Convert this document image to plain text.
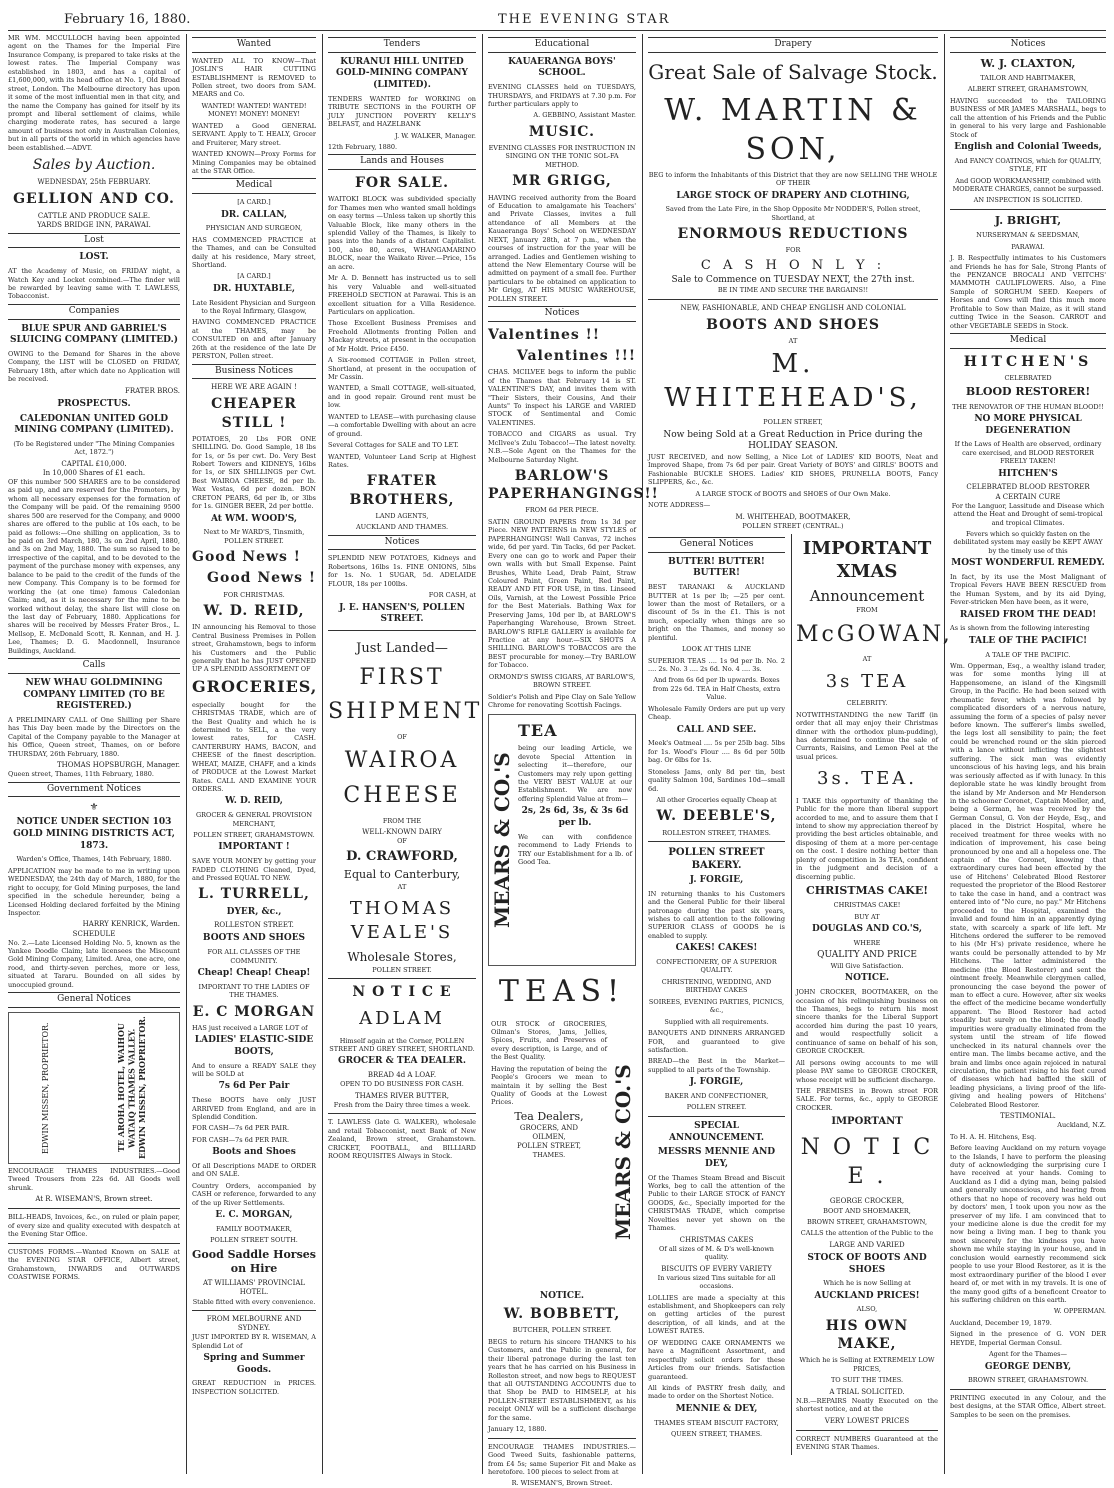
February 16, 1880.	THE EVENING STAR

MR WM. MCCULLOCH having been appointed agent on the Thames for the Imperial Fire Insurance Company, is prepared to take risks at the lowest rates. The Imperial Company was established in 1803, and has a capital of £1,600,000, with its head office at No. 1, Old Broad street, London. The Melbourne directory has upon it some of the most influential men in that city, and the name the Company has gained for itself by its prompt and liberal settlement of claims, while charging moderate rates, has secured a large amount of business not only in Australian Colonies, but in all parts of the world in which agencies have been established.—ADVT.

Sales by Auction.
WEDNESDAY, 25th FEBRUARY.
GELLION AND CO.
CATTLE AND PRODUCE SALE.
YARDS BRIDGE INN, PARAWAI.
Lost
LOST.

AT the Academy of Music, on FRIDAY night, a Watch Key and Locket combined.—The finder will be rewarded by leaving same with T. LAWLESS, Tobacconist.

Companies
BLUE SPUR AND GABRIEL'S SLUICING COMPANY (LIMITED.)

OWING to the Demand for Shares in the above Company, the LIST will be CLOSED on FRIDAY, February 18th, after which date no Application will be received.

FRATER BROS.
PROSPECTUS.
CALEDONIAN UNITED GOLD MINING COMPANY (LIMITED).
(To be Registered under "The Mining Companies Act, 1872.")
CAPITAL £10,000.
In 10,000 Shares of £1 each.

OF this number 500 SHARES are to be considered as paid up, and are reserved for the Promoters, by whom all necessary expenses for the formation of the Company will be paid. Of the remaining 9500 shares 500 are reserved for the Company, and 9000 shares are offered to the public at 10s each, to be paid as follows:—One shilling on application, 3s to be paid on 3rd March, 180, 3s on 2nd April, 1880, and 3s on 2nd May, 1880. The sum so raised to be irrespective of the capital, and to be devoted to the payment of the purchase money with expenses, any balance to be paid to the credit of the funds of the new Company. This Company is to be formed for working the (at one time) famous Caledonian Claim; and, as it is necessary for the mine to be worked without delay, the share list will close on the last day of February, 1880. Applications for shares will be received by Messrs Frater Bros., L. Mellsop, E. McDonald Scott, R. Kennan, and H. J. Lee, Thames; D. G. Macdonnell, Insurance Buildings, Auckland.

Calls
NEW WHAU GOLDMINING COMPANY LIMITED (TO BE REGISTERED.)

A PRELIMINARY CALL of One Shilling per Share has This Day been made by the Directors on the Capital of the Company payable to the Manager at his Office, Queen street, Thames, on or before THURSDAY, 26th February, 1880.

THOMAS HOPSBURGH, Manager.
Queen street, Thames, 11th February, 1880.
Government Notices
⚜
NOTICE UNDER SECTION 103 GOLD MINING DISTRICTS ACT, 1873.
Warden's Office, Thames, 14th February, 1880.

APPLICATION may be made to me in writing upon WEDNESDAY, the 24th day of March, 1880, for the right to occupy, for Gold Mining purposes, the land specified in the schedule hereunder, being a Licensed Holding declared forfeited by the Mining Inspector.

HARRY KENRICK, Warden.
SCHEDULE

No. 2.—Late Licensed Holding No. 5, known as the Yankee Doodle Claim; late licensees the Miscount Gold Mining Company, Limited. Area, one acre, one rood, and thirty-seven perches, more or less, situated at Tararu. Bounded on all sides by unoccupied ground.

General Notices
EDWIN MISSEN, PROPRIETOR.	TE AROHA HOTEL, WAIHOU WATAIQ THAMES VALLEY. EDWIN MISSEN, PROPRIETOR.

ENCOURAGE THAMES INDUSTRIES.—Good Tweed Trousers from 22s 6d. All Goods well shrunk.

At R. WISEMAN'S, Brown street.

BILL-HEADS, Invoices, &c., on ruled or plain paper, of every size and quality executed with despatch at the Evening Star Office.

CUSTOMS FORMS.—Wanted Known on SALE at the EVENING STAR OFFICE, Albert street, Grahamstown, INWARDS and OUTWARDS COASTWISE FORMS.

Wanted

WANTED ALL TO KNOW—That JOSLIN'S HAIR CUTTING ESTABLISHMENT is REMOVED to Pollen street, two doors from SAM. MEARS and Co.

WANTED! WANTED! WANTED! MONEY! MONEY! MONEY!

WANTED a Good GENERAL SERVANT. Apply to T. HEALY, Grocer and Fruiterer, Mary street.

WANTED KNOWN—Proxy Forms for Mining Companies may be obtained at the STAR Office.

Medical
[A CARD.]
DR. CALLAN,
PHYSICIAN AND SURGEON,

HAS COMMENCED PRACTICE at the Thames, and can be Consulted daily at his residence, Mary street, Shortland.

[A CARD.]
DR. HUXTABLE,
Late Resident Physician and Surgeon to the Royal Infirmary, Glasgow,

HAVING COMMENCED PRACTICE at the THAMES, may be CONSULTED on and after January 26th at the residence of the late Dr PERSTON, Pollen street.

Business Notices
HERE WE ARE AGAIN !
CHEAPER STILL !

POTATOES, 20 Lbs FOR ONE SHILLING. Do. Good Sample, 18 lbs for 1s, or 5s per cwt. Do. Very Best Robert Towers and KIDNEYS, 16lbs for 1s, or SIX SHILLINGS per Cwt. Best WAIROA CHEESE, 8d per lb. Wax Vestas, 6d per dozen. BON CRETON PEARS, 6d per lb, or 3lbs for 1s. GINGER BEER, 2d per bottle.

At WM. WOOD'S,
Next to Mr WARD'S, Tinsmith, POLLEN STREET.
Good News !
Good News !
FOR CHRISTMAS.
W. D. REID,

IN announcing his Removal to those Central Business Premises in Pollen street, Grahamstown, begs to inform his Customers and the Public generally that he has JUST OPENED UP A SPLENDID ASSORTMENT OF

GROCERIES,

especially bought for the CHRISTMAS TRADE, which are of the Best Quality and which he is determined to SELL, a the very lowest rates, for CASH. CANTERBURY HAMS, BACON, and CHEESE of the finest description. WHEAT, MAIZE, CHAFF, and a kinds of PRODUCE at the Lowest Market Rates. CALL AND EXAMINE YOUR ORDERS.

W. D. REID,
GROCER & GENERAL PROVISION MERCHANT,
POLLEN STREET, GRAHAMSTOWN.
IMPORTANT !

SAVE YOUR MONEY by getting your FADED CLOTHING Cleaned, Dyed, and Pressed EQUAL TO NEW.

L. TURRELL,
DYER, &c.,
ROLLESTON STREET.
BOOTS AND SHOES
FOR ALL CLASSES OF THE COMMUNITY.
Cheap! Cheap! Cheap!
IMPORTANT TO THE LADIES OF THE THAMES.
E. C MORGAN
HAS just received a LARGE LOT of
LADIES' ELASTIC-SIDE BOOTS,
And to ensure a READY SALE they will be SOLD at
7s 6d Per Pair

These BOOTS have only JUST ARRIVED from England, and are in Splendid Condition.

FOR CASH—7s 6d PER PAIR.
FOR CASH—7s 6d PER PAIR.
Boots and Shoes
Of all Descriptions MADE to ORDER and ON SALE.

Country Orders, accompanied by CASH or reference, forwarded to any of the up River Settlements.

E. C. MORGAN,
FAMILY BOOTMAKER,
POLLEN STREET SOUTH.
Good Saddle Horses on Hire
AT WILLIAMS' PROVINCIAL HOTEL.
Stable fitted with every convenience.
FROM MELBOURNE AND SYDNEY.
JUST IMPORTED BY R. WISEMAN, A Splendid Lot of
Spring and Summer Goods.
GREAT REDUCTION in PRICES. INSPECTION SOLICITED.
Tenders
KURANUI HILL UNITED GOLD-MINING COMPANY (LIMITED).

TENDERS WANTED for WORKING on TRIBUTE SECTIONS in the FOURTH OF JULY JUNCTION POVERTY KELLY'S BELFAST, and HAZELBANK

J. W. WALKER, Manager.
12th February, 1880.
Lands and Houses
FOR SALE.

WAITOKI BLOCK was subdivided specially for Thames men who wanted small holdings on easy terms —Unless taken up shortly this Valuable Block, like many others in the splendid Valley of the Thames, is likely to pass into the hands of a distant Capitalist. 100, also 80, acres, WHANGAMARINO BLOCK, near the Waikato River.—Price, 15s an acre.

Mr A. D. Bennett has instructed us to sell his very Valuable and well-situated FREEHOLD SECTION at Parawai. This is an excellent situation for a Villa Residence. Particulars on application.

Those Excellent Business Premises and Freehold Allotments fronting Pollen and Mackay streets, at present in the occupation of Mr Holdt. Price £450.

A Six-roomed COTTAGE in Pollen street, Shortland, at present in the occupation of Mr Cassin.

WANTED, a Small COTTAGE, well-situated, and in good repair. Ground rent must be low.

WANTED to LEASE—with purchasing clause—a comfortable Dwelling with about an acre of ground.

Several Cottages for SALE and TO LET.

WANTED, Volunteer Land Scrip at Highest Rates.

FRATER BROTHERS,
LAND AGENTS,
AUCKLAND AND THAMES.
Notices

SPLENDID NEW POTATOES, Kidneys and Robertsons, 16lbs 1s. FINE ONIONS, 5lbs for 1s. No. 1 SUGAR, 5d. ADELAIDE FLOUR, 18s per 100lbs.

FOR CASH, at
J. E. HANSEN'S, POLLEN STREET.
Just Landed—
FIRST
SHIPMENT
OF
WAIROA
CHEESE
FROM THE
WELL-KNOWN DAIRY
OF
D. CRAWFORD,
Equal to Canterbury,
AT
THOMAS VEALE'S
Wholesale Stores,
POLLEN STREET.
N O T I C E
ADLAM
Himself again at the Corner, POLLEN STREET AND GREY STREET, SHORTLAND.
GROCER & TEA DEALER.
BREAD 4d A LOAF.
OPEN TO DO BUSINESS FOR CASH.
THAMES RIVER BUTTER,
Fresh from the Dairy three times a week.

T. LAWLESS (late G. WALKER), wholesale and retail Tobacconist, next Bank of New Zealand, Brown street, Grahamstown. CRICKET, FOOTBALL, and BILLIARD ROOM REQUISITES Always in Stock.

Educational
KAUAERANGA BOYS' SCHOOL.

EVENING CLASSES held on TUESDAYS, THURSDAYS, and FRIDAYS at 7.30 p.m. For further particulars apply to

A. GEBBINO, Assistant Master.
MUSIC.
EVENING CLASSES FOR INSTRUCTION IN SINGING ON THE TONIC SOL-FA METHOD.
MR GRIGG,

HAVING received authority from the Board of Education to amalgamate his Teachers' and Private Classes, invites a full attendance of all Members at the Kauaeranga Boys' School on WEDNESDAY NEXT, January 28th, at 7 p.m., when the courses of instruction for the year will be arranged. Ladies and Gentlemen wishing to attend the New Elementary Course will be admitted on payment of a small fee. Further particulars to be obtained on application to Mr Grigg, AT HIS MUSIC WAREHOUSE, POLLEN STREET.

Notices
Valentines !!
Valentines !!!

CHAS. MCILVEE begs to inform the public of the Thames that February 14 is ST. VALENTINE'S DAY, and invites them with "Their Sisters, their Cousins, And their Aunts" To inspect his LARGE and VARIED STOCK of Sentimental and Comic VALENTINES.

TOBACCO and CIGARS as usual. Try McIlvee's Zulu Tobacco!—The latest novelty. N.B.—Sole Agent on the Thames for the Melbourne Saturday Night.

BARLOW'S PAPERHANGINGS!!
FROM 6d PER PIECE.

SATIN GROUND PAPERS from 1s 3d per Piece. NEW PATTERNS in NEW STYLES of PAPERHANGINGS! Wall Canvas, 72 inches wide, 6d per yard. Tin Tacks, 6d per Packet. Every one can go to work and Paper their own walls with but Small Expense. Paint Brushes, White Lead, Drab Paint, Straw Coloured Paint, Green Paint, Red Paint, READY AND FIT FOR USE, in tins. Linseed Oils, Varnish, at the Lowest Possible Price for the Best Materials. Bathing Wax for Preserving Jams, 10d per lb, at BARLOW'S Paperhanging Warehouse, Brown Street. BARLOW'S RIFLE GALLERY is available for Practice at any hour.—SIX SHOTS A SHILLING. BARLOW'S TOBACCOS are the BEST procurable for money.—Try BARLOW for Tobacco.

ORMOND'S SWISS CIGARS, AT BARLOW'S, BROWN STREET.

Soldier's Polish and Pipe Clay on Sale Yellow Chrome for renovating Scottish Facings.

MEARS & CO.'S
TEA

being our leading Article, we devote Special Attention in selecting it—therefore, our Customers may rely upon getting the VERY BEST VALUE at our Establishment. We are now offering Splendid Value at from—

2s, 2s 6d, 3s, & 3s 6d per lb.

We can with confidence recommend to Lady Friends to TRY our Establishment for a lb. of Good Tea.

TEAS!

OUR STOCK of GROCERIES, Oilman's Stores, Jams, Jellies, Spices, Fruits, and Preserves of every description, is Large, and of the Best Quality.

Having the reputation of being the People's Grocers we mean to maintain it by selling the Best Quality of Goods at the Lowest Prices.

Tea Dealers,
GROCERS, AND
OILMEN,
POLLEN STREET,
THAMES.	MEARS & CO.'S
NOTICE.
W. BOBBETT,
BUTCHER, POLLEN STREET.

BEGS to return his sincere THANKS to his Customers, and the Public in general, for their liberal patronage during the last ten years that he has carried on his Business in Rolleston street, and now begs to REQUEST that all OUTSTANDING ACCOUNTS due to that Shop be PAID to HIMSELF, at his POLLEN-STREET ESTABLISHMENT, as his receipt ONLY will be a sufficient discharge for the same.

January 12, 1880.

ENCOURAGE THAMES INDUSTRIES.—Good Tweed Suits, fashionable patterns, from £4 5s; same Superior Fit and Make as heretofore. 100 pieces to select from at

R. WISEMAN'S, Brown Street.
Drapery
Great Sale of Salvage Stock.
W. MARTIN & SON,

BEG to inform the Inhabitants of this District that they are now SELLING THE WHOLE OF THEIR

LARGE STOCK OF DRAPERY AND CLOTHING,
Saved from the Late Fire, in the Shop Opposite Mr NODDER'S, Pollen street, Shortland, at
ENORMOUS REDUCTIONS
FOR
C A S H O N L Y :
Sale to Commence on TUESDAY NEXT, the 27th inst.
BE IN TIME AND SECURE THE BARGAINS!!
NEW, FASHIONABLE, AND CHEAP ENGLISH AND COLONIAL
BOOTS AND SHOES
AT
M. WHITEHEAD'S,
POLLEN STREET,
Now being Sold at a Great Reduction in Price during the HOLIDAY SEASON.

JUST RECEIVED, and now Selling, a Nice Lot of LADIES' KID BOOTS, Neat and Improved Shape, from 7s 6d per pair. Great Variety of BOYS' and GIRLS' BOOTS and Fashionable BUCKLE SHOES. Ladies' KID SHOES, PRUNELLA BOOTS, Fancy SLIPPERS, &c., &c.

A LARGE STOCK of BOOTS and SHOES of Our Own Make.
NOTE ADDRESS—
M. WHITEHEAD, BOOTMAKER,
POLLEN STREET (CENTRAL.)
General Notices
BUTTER! BUTTER! BUTTER!

BEST TARANAKI & AUCKLAND BUTTER at 1s per lb; —25 per cent. lower than the most of Retailers, or a discount of 5s in the £1. This is not much, especially when things are so bright on the Thames, and money so plentiful.

LOOK AT THIS LINE
SUPERIOR TEAS .... 1s 9d per lb. No. 2 .... 2s. No. 3 .... 2s 6d. No. 4 .... 3s.
And from 6s 6d per lb upwards. Boxes from 22s 6d. TEA in Half Chests, extra Value.
Wholesale Family Orders are put up very Cheap.
CALL AND SEE.
Meek's Oatmeal .... 5s per 25lb bag. 5lbs for 1s. Wood's Flour .... 8s 6d per 50lb bag. Or 6lbs for 1s.
Stoneless Jams, only 8d per tin, best quality Salmon 10d, Sardines 10d—small 6d.
All other Groceries equally Cheap at
W. DEEBLE'S,
ROLLESTON STREET, THAMES.
POLLEN STREET BAKERY.
J. FORGIE,

IN returning thanks to his Customers and the General Public for their liberal patronage during the past six years, wishes to call attention to the following SUPERIOR CLASS of GOODS he is enabled to supply.

CAKES! CAKES!
CONFECTIONERY, OF A SUPERIOR QUALITY.
CHRISTENING, WEDDING, AND BIRTHDAY CAKES
SOIREES, EVENING PARTIES, PICNICS, &c.,
Supplied with all requirements.
BANQUETS AND DINNERS ARRANGED FOR, and guaranteed to give satisfaction.
BREAD—the Best in the Market—supplied to all parts of the Township.
J. FORGIE,
BAKER AND CONFECTIONER,
POLLEN STREET.
SPECIAL ANNOUNCEMENT.
MESSRS MENNIE AND DEY,

Of the Thames Steam Bread and Biscuit Works, beg to call the attention of the Public to their LARGE STOCK of FANCY GOODS, &c., Specially imported for the CHRISTMAS TRADE, which comprise Novelties never yet shown on the Thames.

CHRISTMAS CAKES
Of all sizes of M. & D's well-known quality.
BISCUITS OF EVERY VARIETY
In various sized Tins suitable for all occasions.

LOLLIES are made a specialty at this establishment, and Shopkeepers can rely on getting articles of the purest description, of all kinds, and at the LOWEST RATES.

OF WEDDING CAKE ORNAMENTS we have a Magnificent Assortment, and respectfully solicit orders for these Articles from our friends. Satisfaction guaranteed.

All kinds of PASTRY fresh daily, and made to order on the Shortest Notice.

MENNIE & DEY,
THAMES STEAM BISCUIT FACTORY,
QUEEN STREET, THAMES.
IMPORTANT XMAS
Announcement
FROM
McGOWAN,
AT
3s TEA
CELEBRITY.

NOTWITHSTANDING the new Tariff (in order that all may enjoy their Christmas dinner with the orthodox plum-pudding), has determined to continue the sale of Currants, Raisins, and Lemon Peel at the usual prices.

3s. TEA.

I TAKE this opportunity of thanking the Public for the more than liberal support accorded to me, and to assure them that I intend to show my appreciation thereof by providing the best articles obtainable, and disposing of them at a more per-centage on the cost. I desire nothing better than plenty of competition in 3s TEA, confident in the judgment and decision of a discerning public.

CHRISTMAS CAKE!
CHRISTMAS CAKE!
BUY AT
DOUGLAS AND CO.'S,
WHERE
QUALITY AND PRICE
Will Give Satisfaction.
NOTICE.

JOHN CROCKER, BOOTMAKER, on the occasion of his relinquishing business on the Thames, begs to return his most sincere thanks for the Liberal Support accorded him during the past 10 years, and would respectfully solicit a continuance of same on behalf of his son, GEORGE CROCKER.

All persons owing accounts to me will please PAY same to GEORGE CROCKER, whose receipt will be sufficient discharge.

THE PREMISES in Brown street FOR SALE. For terms, &c., apply to GEORGE CROCKER.

IMPORTANT
N O T I C E .
GEORGE CROCKER,
BOOT AND SHOEMAKER,
BROWN STREET, GRAHAMSTOWN,
CALLS the attention of the Public to the
LARGE AND VARIED
STOCK OF BOOTS AND SHOES
Which he is now Selling at
AUCKLAND PRICES!
ALSO,
HIS OWN MAKE,
Which he is Selling at EXTREMELY LOW PRICES,
TO SUIT THE TIMES.
A TRIAL SOLICITED.
N.B.—REPAIRS Neatly Executed on the shortest notice, and at the
VERY LOWEST PRICES

CORRECT NUMBERS Guaranteed at the EVENING STAR Thames.

Notices
W. J. CLAXTON,
TAILOR AND HABITMAKER,
ALBERT STREET, GRAHAMSTOWN,

HAVING succeeded to the TAILORING BUSINESS of MR JAMES MARSHALL, begs to call the attention of his Friends and the Public in general to his very large and Fashionable Stock of

English and Colonial Tweeds,
And FANCY COATINGS, which for QUALITY, STYLE, FIT
And GOOD WORKMANSHIP, combined with MODERATE CHARGES, cannot be surpassed.
AN INSPECTION IS SOLICITED.
J. BRIGHT,
NURSERYMAN & SEEDSMAN,
PARAWAI.

J. B. Respectfully intimates to his Customers and Friends he has for Sale, Strong Plants of the PENZANCE BROCALI AND VEITCHS' MAMMOTH CAULIFLOWERS. Also, a Fine Sample of SORGHUM SEED. Keepers of Horses and Cows will find this much more Profitable to Sow than Maize, as it will stand cutting Twice in the Season. CARROT and other VEGETABLE SEEDS in Stock.

Medical
HITCHEN'S
CELEBRATED
BLOOD RESTORER!
THE RENOVATOR OF THE HUMAN BLOOD!!
NO MORE PHYSICAL DEGENERATION
If the Laws of Health are observed, ordinary care exercised, and BLOOD RESTORER FREELY TAKEN!
HITCHEN'S
CELEBRATED BLOOD RESTORER
A CERTAIN CURE
For the Languor, Lassitude and Disease which attend the Heat and Drought of semi-tropical and tropical Climates.
Fevers which so quickly fasten on the debilitated system may easily be KEPT AWAY by the timely use of this
MOST WONDERFUL REMEDY.

In fact, by its use the Most Malignant of Tropical Fevers HAVE BEEN RESCUED from the Human System, and by its aid Dying, Fever-stricken Men have been, as it were,

RAISED FROM THE DEAD!
As is shown from the following interesting
TALE OF THE PACIFIC!
A TALE OF THE PACIFIC.

Wm. Opperman, Esq., a wealthy island trader, was for some months lying ill at Happensomene, an island of the Kingsmill Group, in the Pacific. He had been seized with rheumatic fever, which was followed by complicated disorders of a nervous nature, assuming the form of a species of palsy never before known. The sufferer's limbs swelled, the legs lost all sensibility to pain; the feet could be wrenched round or the skin pierced with a lance without inflicting the slightest suffering. The sick man was evidently unconscious of his having legs, and his brain was seriously affected as if with lunacy. In this deplorable state he was kindly brought from the island by Mr Anderson and Mr Henderson in the schooner Coronet, Captain Moeller, and, being a German, he was received by the German Consul, G. Von der Heyde, Esq., and placed in the District Hospital, where he received treatment for three weeks with no indication of improvement, his case being pronounced by one and all a hopeless one. The captain of the Coronet, knowing that extraordinary cures had been effected by the use of Hitchens' Celebrated Blood Restorer requested the proprietor of the Blood Restorer to take the case in hand, and a contract was entered into of "No cure, no pay." Mr Hitchens proceeded to the Hospital, examined the invalid and found him in an apparently dying state, with scarcely a spark of life left. Mr Hitchens ordered the sufferer to be removed to his (Mr H's) private residence, where he wants could be personally attended to by Mr Hitchens. The latter administered the medicine (the Blood Restorer) and sent the ointment freely. Meanwhile clergymen called, pronouncing the case beyond the power of man to effect a cure. However, after six weeks the effect of the medicine became wonderfully apparent. The Blood Restorer had acted steadily but surely on the blood; the deadly impurities were gradually eliminated from the system until the stream of life flowed unchecked in its natural channels over the entire man. The limbs became active, and the brain and limbs once again rejoiced in natural circulation, the patient rising to his feet cured of diseases which had baffled the skill of leading physicians, a living proof of the life-giving and healing powers of Hitchens' Celebrated Blood Restorer.

TESTIMONIAL.
Auckland, N.Z.
To H. A. H. Hitchens, Esq.

Before leaving Auckland on my return voyage to the Islands, I have to perform the pleasing duty of acknowledging the surprising cure I have received at your hands. Coming to Auckland as I did a dying man, being palsied and generally unconscious, and hearing from others that no hope of recovery was held out by doctors' men, I took upon you now as the preserver of my life. I am convinced that to your medicine alone is due the credit for my now being a living man. I beg to thank you most sincerely for the kindness you have shown me while staying in your house, and in conclusion would earnestly recommend sick people to use your Blood Restorer, as it is the most extraordinary purifier of the blood I ever heard of, or met with in my travels. It is one of the many good gifts of a beneficent Creator to his suffering children on this earth.

W. OPPERMAN.
Auckland, December 19, 1879.
Signed in the presence of G. VON DER HEYDE, Imperial German Consul.
Agent for the Thames—
GEORGE DENBY,
BROWN STREET, GRAHAMSTOWN.

PRINTING executed in any Colour, and the best designs, at the STAR Office, Albert street. Samples to be seen on the premises.
